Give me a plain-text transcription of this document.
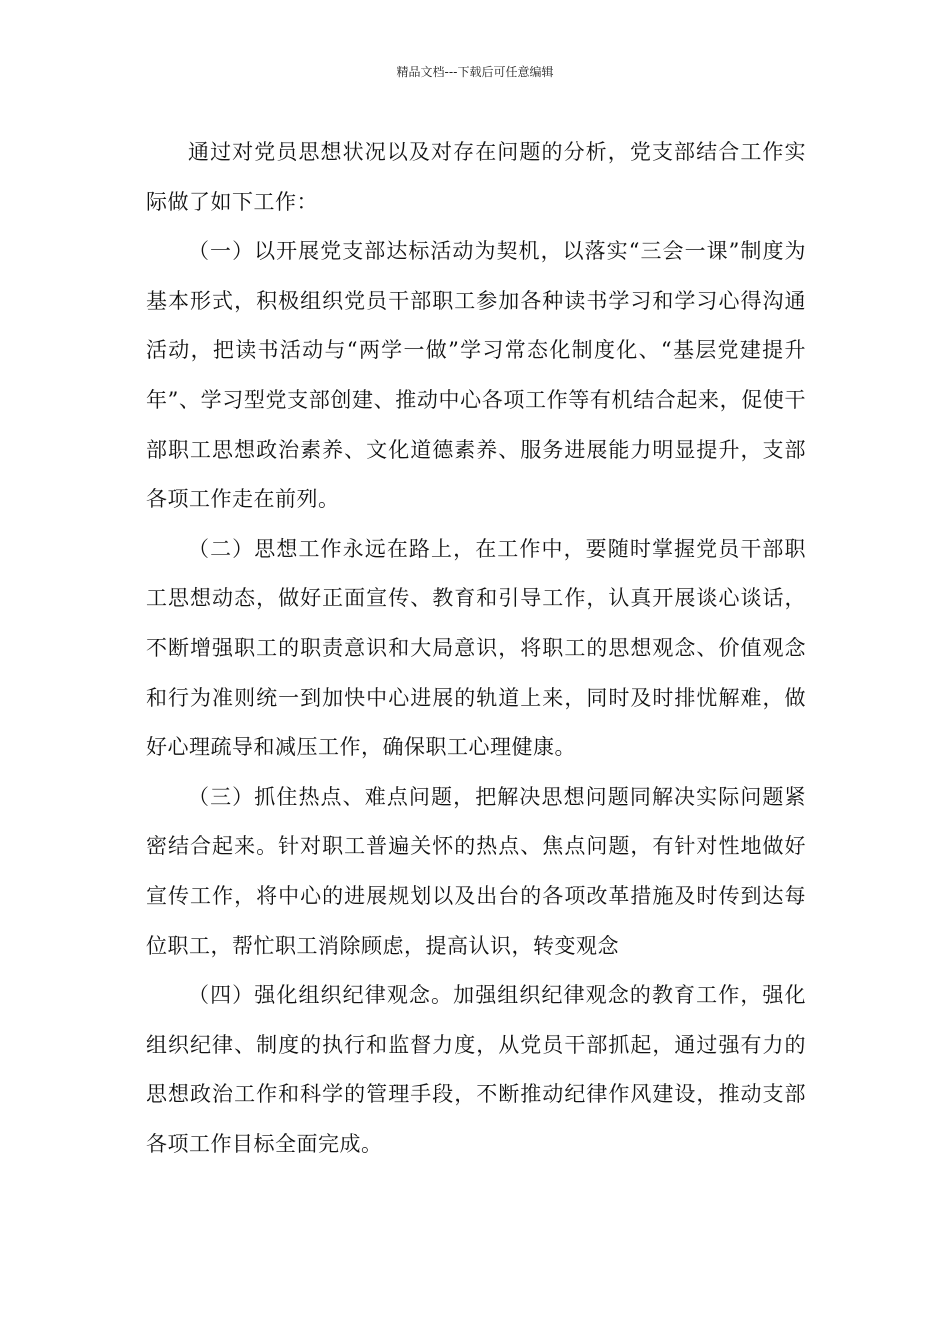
精品文档---下载后可任意编辑

通过对党员思想状况以及对存在问题的分析，党支部结合工作实际做了如下工作：

（一）以开展党支部达标活动为契机，以落实“三会一课”制度为基本形式，积极组织党员干部职工参加各种读书学习和学习心得沟通活动，把读书活动与“两学一做”学习常态化制度化、“基层党建提升年”、学习型党支部创建、推动中心各项工作等有机结合起来，促使干部职工思想政治素养、文化道德素养、服务进展能力明显提升，支部各项工作走在前列。

（二）思想工作永远在路上，在工作中，要随时掌握党员干部职工思想动态，做好正面宣传、教育和引导工作，认真开展谈心谈话，不断增强职工的职责意识和大局意识，将职工的思想观念、价值观念和行为准则统一到加快中心进展的轨道上来，同时及时排忧解难，做好心理疏导和减压工作，确保职工心理健康。

（三）抓住热点、难点问题，把解决思想问题同解决实际问题紧密结合起来。针对职工普遍关怀的热点、焦点问题，有针对性地做好宣传工作，将中心的进展规划以及出台的各项改革措施及时传到达每位职工，帮忙职工消除顾虑，提高认识，转变观念

（四）强化组织纪律观念。加强组织纪律观念的教育工作，强化组织纪律、制度的执行和监督力度，从党员干部抓起，通过强有力的思想政治工作和科学的管理手段，不断推动纪律作风建设，推动支部各项工作目标全面完成。
